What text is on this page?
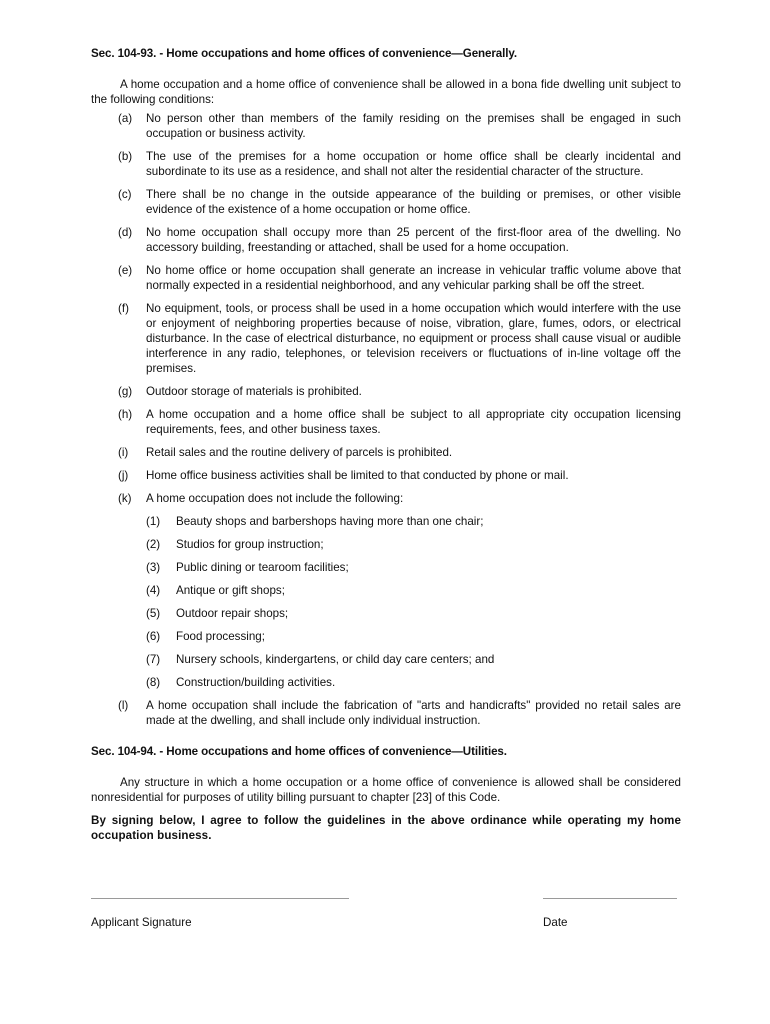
Sec. 104-93. - Home occupations and home offices of convenience—Generally.

A home occupation and a home office of convenience shall be allowed in a bona fide dwelling unit subject to the following conditions:

(a)	No person other than members of the family residing on the premises shall be engaged in such occupation or business activity.
(b)	The use of the premises for a home occupation or home office shall be clearly incidental and subordinate to its use as a residence, and shall not alter the residential character of the structure.
(c)	There shall be no change in the outside appearance of the building or premises, or other visible evidence of the existence of a home occupation or home office.
(d)	No home occupation shall occupy more than 25 percent of the first-floor area of the dwelling. No accessory building, freestanding or attached, shall be used for a home occupation.
(e)	No home office or home occupation shall generate an increase in vehicular traffic volume above that normally expected in a residential neighborhood, and any vehicular parking shall be off the street.
(f)	No equipment, tools, or process shall be used in a home occupation which would interfere with the use or enjoyment of neighboring properties because of noise, vibration, glare, fumes, odors, or electrical disturbance. In the case of electrical disturbance, no equipment or process shall cause visual or audible interference in any radio, telephones, or television receivers or fluctuations of in-line voltage off the premises.
(g)	Outdoor storage of materials is prohibited.
(h)	A home occupation and a home office shall be subject to all appropriate city occupation licensing requirements, fees, and other business taxes.
(i)	Retail sales and the routine delivery of parcels is prohibited.
(j)	Home office business activities shall be limited to that conducted by phone or mail.
(k)	A home occupation does not include the following:
(1)	Beauty shops and barbershops having more than one chair;
(2)	Studios for group instruction;
(3)	Public dining or tearoom facilities;
(4)	Antique or gift shops;
(5)	Outdoor repair shops;
(6)	Food processing;
(7)	Nursery schools, kindergartens, or child day care centers; and
(8)	Construction/building activities.
(l)	A home occupation shall include the fabrication of "arts and handicrafts" provided no retail sales are made at the dwelling, and shall include only individual instruction.

Sec. 104-94. - Home occupations and home offices of convenience—Utilities.

Any structure in which a home occupation or a home office of convenience is allowed shall be considered nonresidential for purposes of utility billing pursuant to chapter [23] of this Code.

By signing below, I agree to follow the guidelines in the above ordinance while operating my home occupation business.

Applicant Signature	Date
